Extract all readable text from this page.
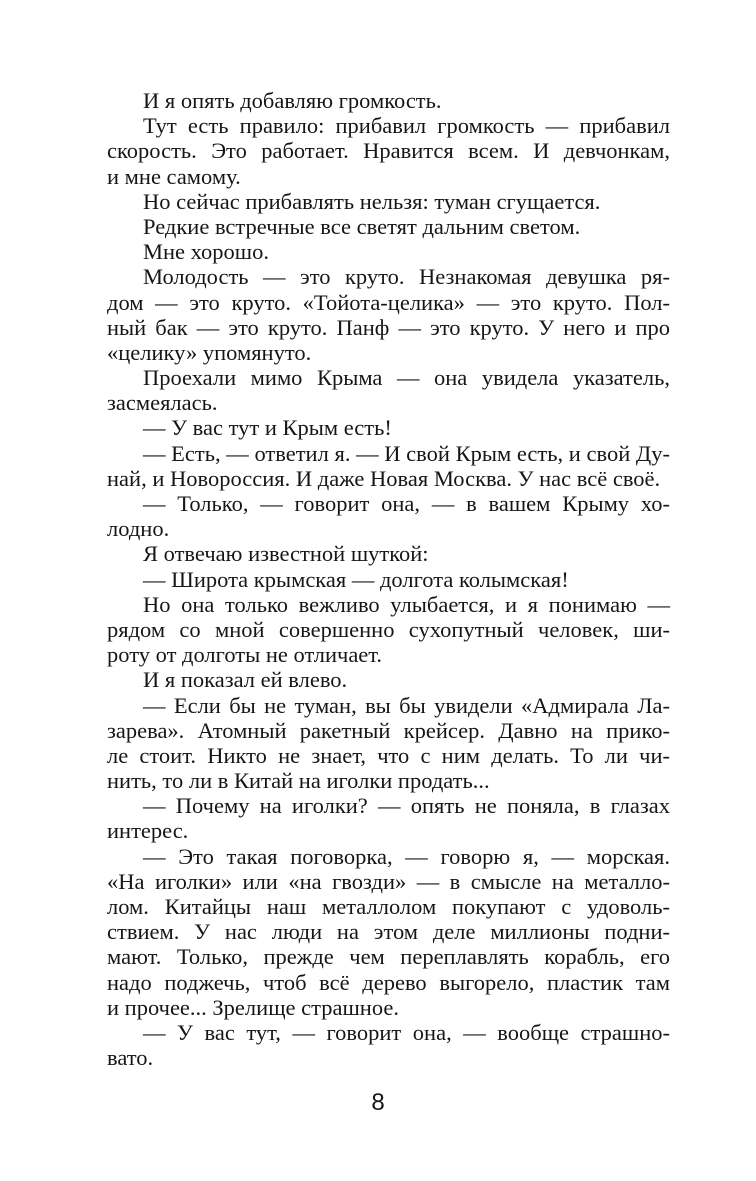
И я опять добавляю громкость.
Тут есть правило: прибавил громкость — прибавил
скорость. Это работает. Нравится всем. И девчонкам,
и мне самому.
Но сейчас прибавлять нельзя: туман сгущается.
Редкие встречные все светят дальним светом.
Мне хорошо.
Молодость — это круто. Незнакомая девушка ря-
дом — это круто. «Тойота-целика» — это круто. Пол-
ный бак — это круто. Панф — это круто. У него и про
«целику» упомянуто.
Проехали мимо Крыма — она увидела указатель,
засмеялась.
— У вас тут и Крым есть!
— Есть, — ответил я. — И свой Крым есть, и свой Ду-
най, и Новороссия. И даже Новая Москва. У нас всё своё.
— Только, — говорит она, — в вашем Крыму хо-
лодно.
Я отвечаю известной шуткой:
— Широта крымская — долгота колымская!
Но она только вежливо улыбается, и я понимаю —
рядом со мной совершенно сухопутный человек, ши-
роту от долготы не отличает.
И я показал ей влево.
— Если бы не туман, вы бы увидели «Адмирала Ла-
зарева». Атомный ракетный крейсер. Давно на прико-
ле стоит. Никто не знает, что с ним делать. То ли чи-
нить, то ли в Китай на иголки продать...
— Почему на иголки? — опять не поняла, в глазах
интерес.
— Это такая поговорка, — говорю я, — морская.
«На иголки» или «на гвозди» — в смысле на металло-
лом. Китайцы наш металлолом покупают с удоволь-
ствием. У нас люди на этом деле миллионы подни-
мают. Только, прежде чем переплавлять корабль, его
надо поджечь, чтоб всё дерево выгорело, пластик там
и прочее... Зрелище страшное.
— У вас тут, — говорит она, — вообще страшно-
вато.
8
